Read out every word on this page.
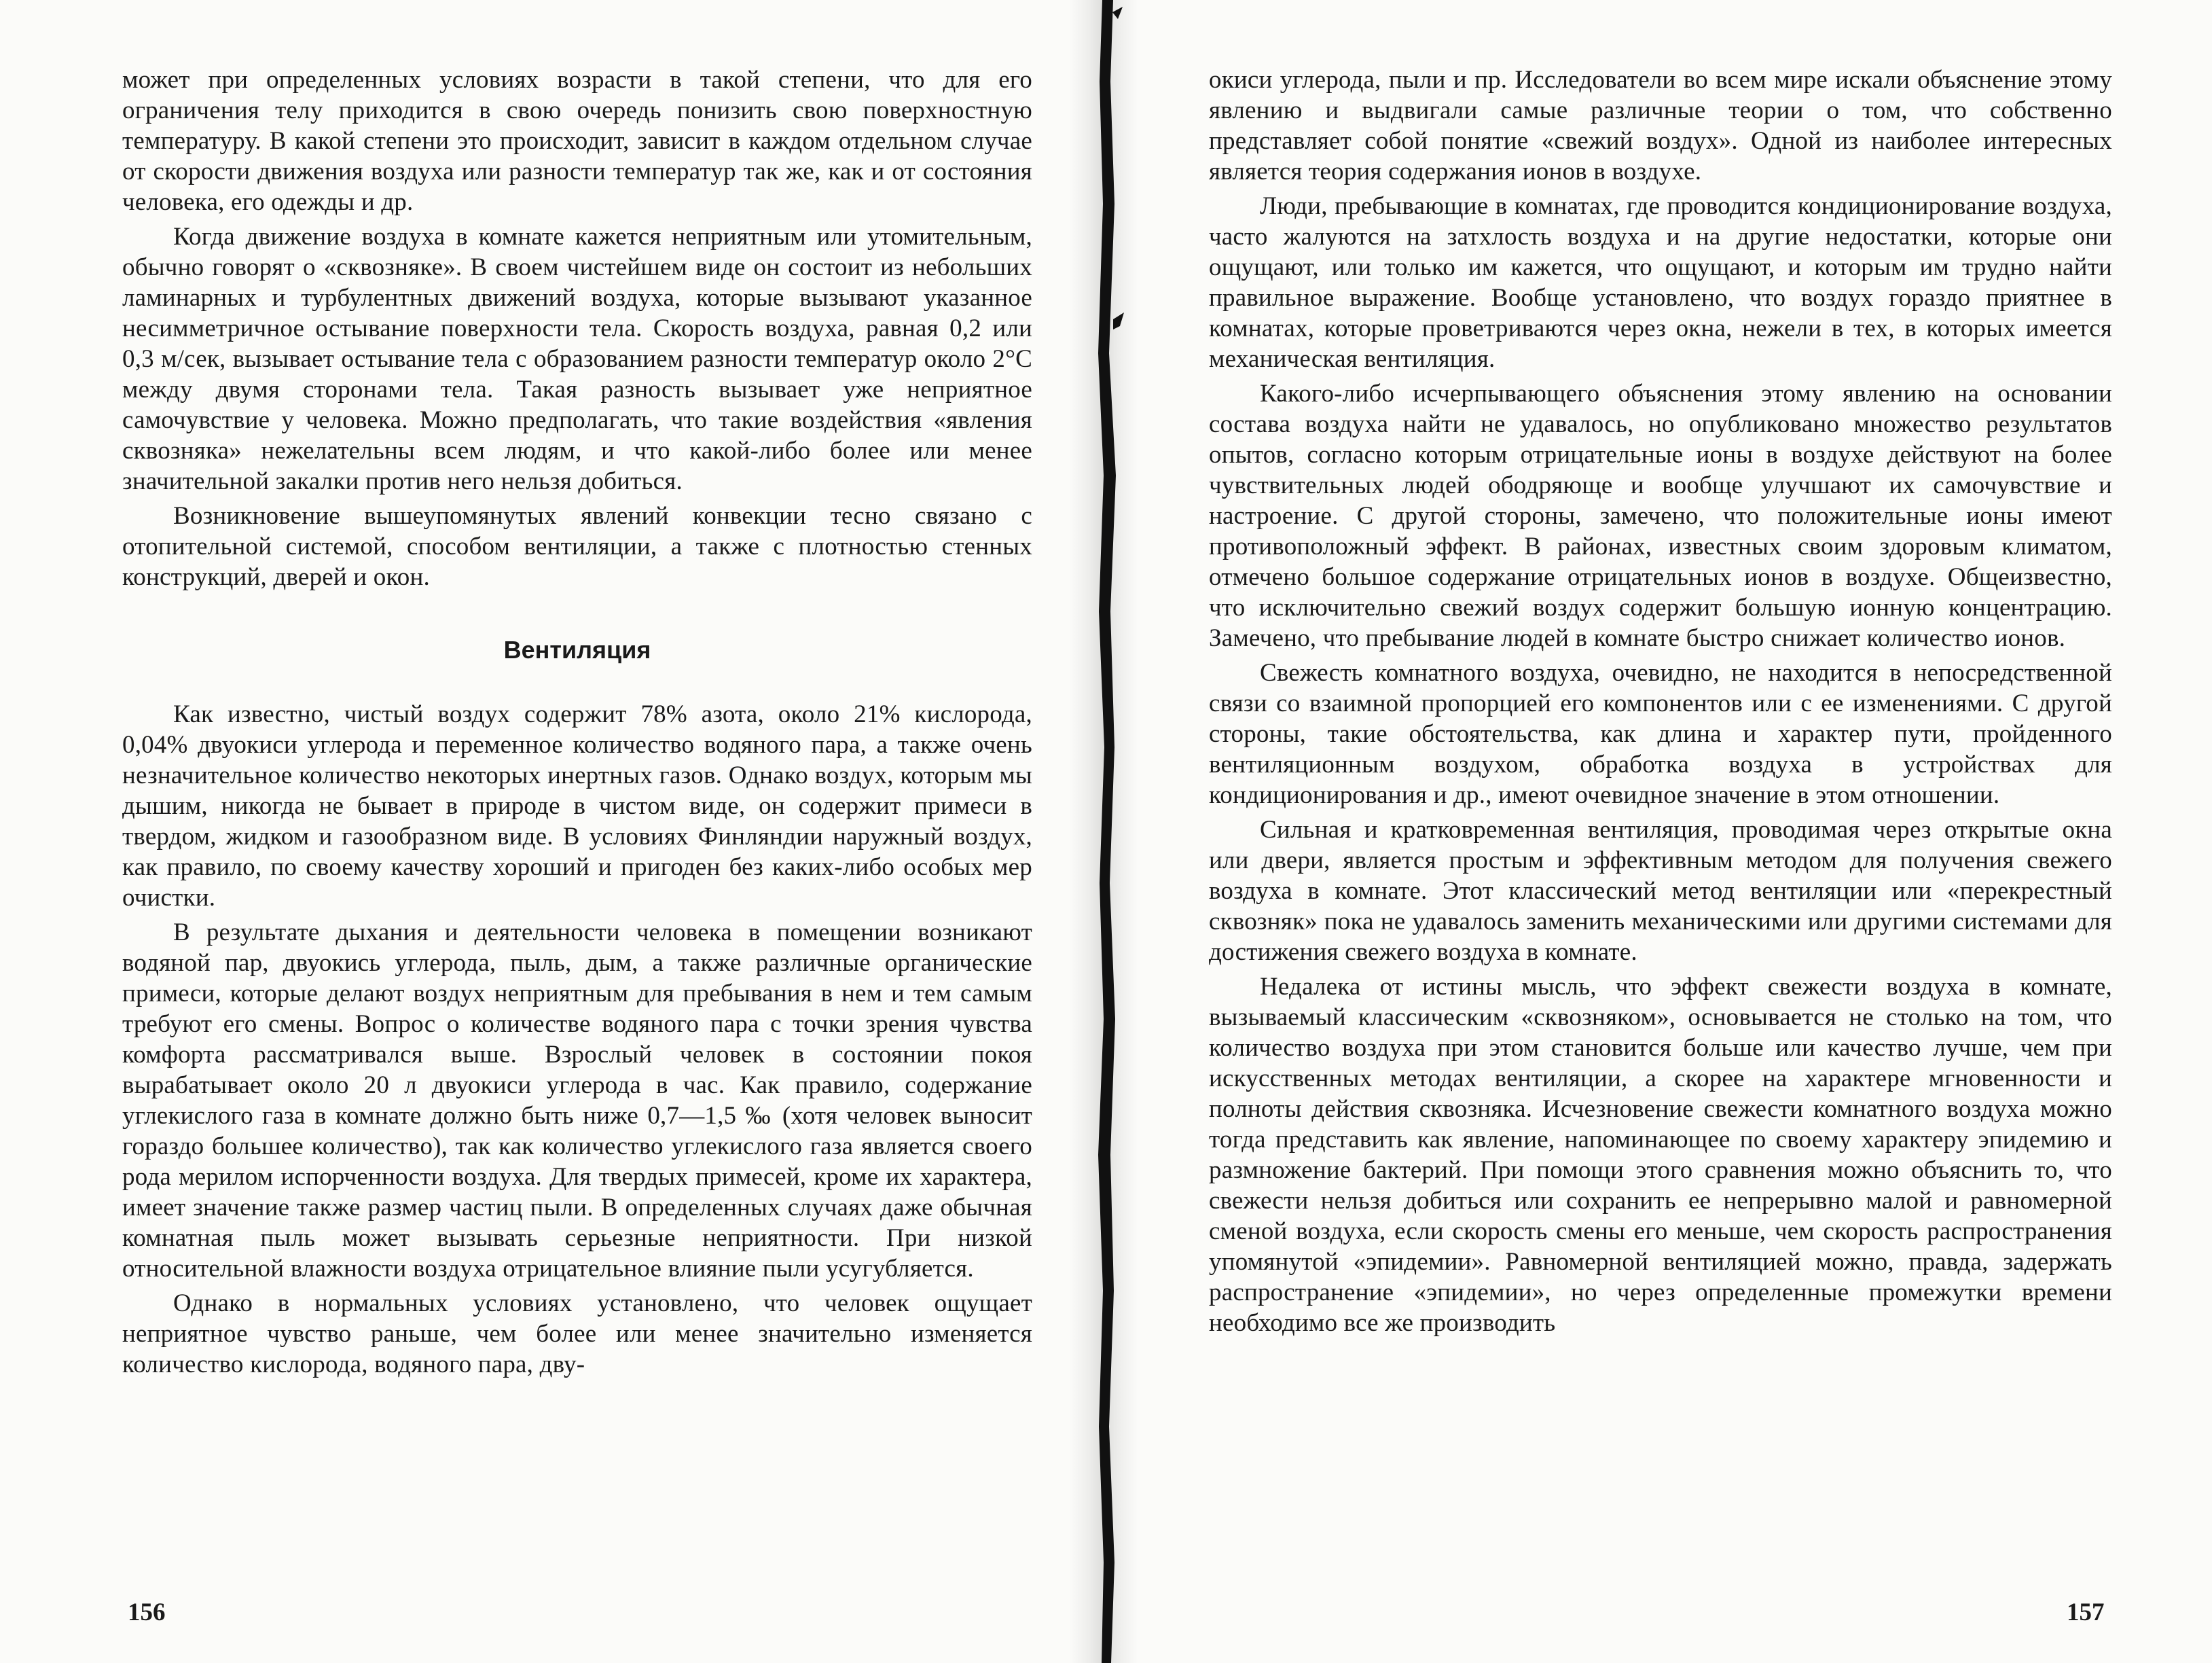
может при определенных условиях возрасти в такой степени, что для его ограничения телу приходится в свою очередь понизить свою поверхностную температуру. В какой степени это происходит, зависит в каждом отдельном случае от скорости движения воздуха или разности температур так же, как и от состояния человека, его одежды и др.

Когда движение воздуха в комнате кажется неприятным или утомительным, обычно говорят о «сквозняке». В своем чистейшем виде он состоит из небольших ламинарных и турбулентных движений воздуха, которые вызывают указанное несимметричное остывание поверхности тела. Скорость воздуха, равная 0,2 или 0,3 м/сек, вызывает остывание тела с образованием разности температур около 2°C между двумя сторонами тела. Такая разность вызывает уже неприятное самочувствие у человека. Можно предполагать, что такие воздействия «явления сквозняка» нежелательны всем людям, и что какой-либо более или менее значительной закалки против него нельзя добиться.

Возникновение вышеупомянутых явлений конвекции тесно связано с отопительной системой, способом вентиляции, а также с плотностью стенных конструкций, дверей и окон.

Вентиляция

Как известно, чистый воздух содержит 78% азота, около 21% кислорода, 0,04% двуокиси углерода и переменное количество водяного пара, а также очень незначительное количество некоторых инертных газов. Однако воздух, которым мы дышим, никогда не бывает в природе в чистом виде, он содержит примеси в твердом, жидком и газообразном виде. В условиях Финляндии наружный воздух, как правило, по своему качеству хороший и пригоден без каких-либо особых мер очистки.

В результате дыхания и деятельности человека в помещении возникают водяной пар, двуокись углерода, пыль, дым, а также различные органические примеси, которые делают воздух неприятным для пребывания в нем и тем самым требуют его смены. Вопрос о количестве водяного пара с точки зрения чувства комфорта рассматривался выше. Взрослый человек в состоянии покоя вырабатывает около 20 л двуокиси углерода в час. Как правило, содержание углекислого газа в комнате должно быть ниже 0,7—1,5 ‰ (хотя человек выносит гораздо большее количество), так как количество углекислого газа является своего рода мерилом испорченности воздуха. Для твердых примесей, кроме их характера, имеет значение также размер частиц пыли. В определенных случаях даже обычная комнатная пыль может вызывать серьезные неприятности. При низкой относительной влажности воздуха отрицательное влияние пыли усугубляется.

Однако в нормальных условиях установлено, что человек ощущает неприятное чувство раньше, чем более или менее значительно изменяется количество кислорода, водяного пара, дву-

156

окиси углерода, пыли и пр. Исследователи во всем мире искали объяснение этому явлению и выдвигали самые различные теории о том, что собственно представляет собой понятие «свежий воздух». Одной из наиболее интересных является теория содержания ионов в воздухе.

Люди, пребывающие в комнатах, где проводится кондиционирование воздуха, часто жалуются на затхлость воздуха и на другие недостатки, которые они ощущают, или только им кажется, что ощущают, и которым им трудно найти правильное выражение. Вообще установлено, что воздух гораздо приятнее в комнатах, которые проветриваются через окна, нежели в тех, в которых имеется механическая вентиляция.

Какого-либо исчерпывающего объяснения этому явлению на основании состава воздуха найти не удавалось, но опубликовано множество результатов опытов, согласно которым отрицательные ионы в воздухе действуют на более чувствительных людей ободряюще и вообще улучшают их самочувствие и настроение. С другой стороны, замечено, что положительные ионы имеют противоположный эффект. В районах, известных своим здоровым климатом, отмечено большое содержание отрицательных ионов в воздухе. Общеизвестно, что исключительно свежий воздух содержит большую ионную концентрацию. Замечено, что пребывание людей в комнате быстро снижает количество ионов.

Свежесть комнатного воздуха, очевидно, не находится в непосредственной связи со взаимной пропорцией его компонентов или с ее изменениями. С другой стороны, такие обстоятельства, как длина и характер пути, пройденного вентиляционным воздухом, обработка воздуха в устройствах для кондиционирования и др., имеют очевидное значение в этом отношении.

Сильная и кратковременная вентиляция, проводимая через открытые окна или двери, является простым и эффективным методом для получения свежего воздуха в комнате. Этот классический метод вентиляции или «перекрестный сквозняк» пока не удавалось заменить механическими или другими системами для достижения свежего воздуха в комнате.

Недалека от истины мысль, что эффект свежести воздуха в комнате, вызываемый классическим «сквозняком», основывается не столько на том, что количество воздуха при этом становится больше или качество лучше, чем при искусственных методах вентиляции, а скорее на характере мгновенности и полноты действия сквозняка. Исчезновение свежести комнатного воздуха можно тогда представить как явление, напоминающее по своему характеру эпидемию и размножение бактерий. При помощи этого сравнения можно объяснить то, что свежести нельзя добиться или сохранить ее непрерывно малой и равномерной сменой воздуха, если скорость смены его меньше, чем скорость распространения упомянутой «эпидемии». Равномерной вентиляцией можно, правда, задержать распространение «эпидемии», но через определенные промежутки времени необходимо все же производить

157
